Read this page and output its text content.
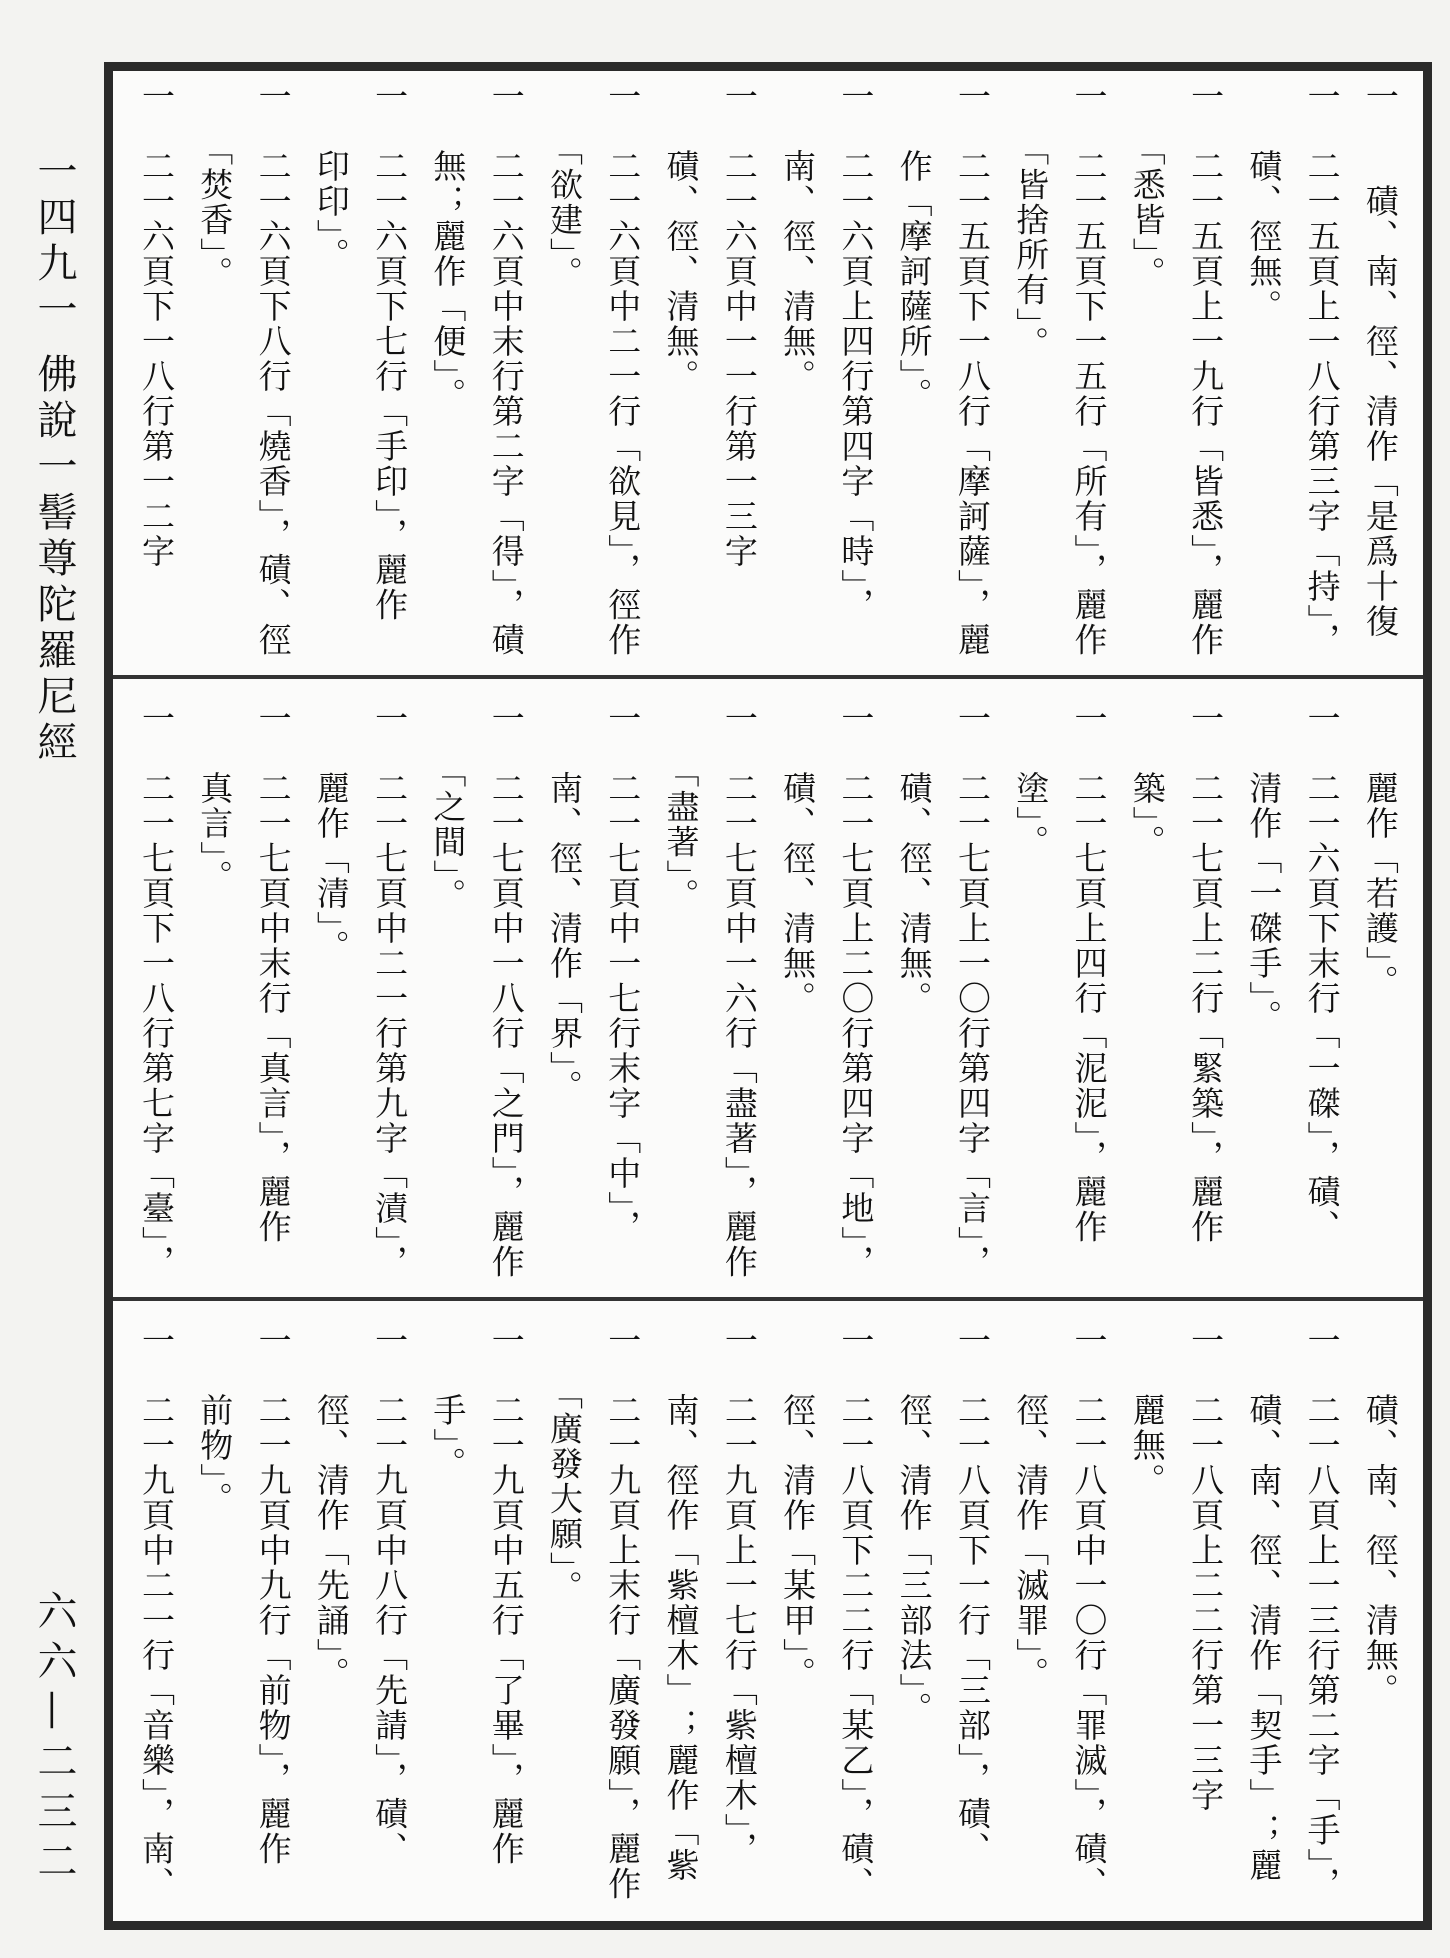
一四九一 佛說一髻尊陀羅尼經
六六—二三二
一　　磧、南、徑、清作「是爲十復
一　二一五頁上一八行第三字「持」，
　　磧、徑無。
一　二一五頁上一九行「皆悉」，麗作
　　「悉皆」。
一　二一五頁下一五行「所有」，麗作
　　「皆捨所有」。
一　二一五頁下一八行「摩訶薩」，麗
　　作「摩訶薩所」。
一　二一六頁上四行第四字「時」，
　　南、徑、清無。
一　二一六頁中一一行第一三字
　　磧、徑、清無。
一　二一六頁中二一行「欲見」，徑作
　　「欲建」。
一　二一六頁中末行第二字「得」，磧
　　無；麗作「便」。
一　二一六頁下七行「手印」，麗作
　　印印」。
一　二一六頁下八行「燒香」，磧、徑
　　「焚香」。
一　二一六頁下一八行第一二字
　　麗作「若護」。
一　二一六頁下末行「一磔」，磧、
　　清作「一磔手」。
一　二一七頁上二行「緊築」，麗作
　　築」。
一　二一七頁上四行「泥泥」，麗作
　　塗」。
一　二一七頁上一〇行第四字「言」，
　　磧、徑、清無。
一　二一七頁上二〇行第四字「地」，
　　磧、徑、清無。
一　二一七頁中一六行「盡著」，麗作
　　「盡著」。
一　二一七頁中一七行末字「中」，
　　南、徑、清作「界」。
一　二一七頁中一八行「之門」，麗作
　　「之間」。
一　二一七頁中二一行第九字「漬」，
　　麗作「清」。
一　二一七頁中末行「真言」，麗作
　　真言」。
一　二一七頁下一八行第七字「臺」，
　　磧、南、徑、清無。
一　二一八頁上一三行第二字「手」，
　　磧、南、徑、清作「契手」；麗
一　二一八頁上二二行第一三字
　　麗無。
一　二一八頁中一〇行「罪滅」，磧、
　　徑、清作「滅罪」。
一　二一八頁下一行「三部」，磧、
　　徑、清作「三部法」。
一　二一八頁下二二行「某乙」，磧、
　　徑、清作「某甲」。
一　二一九頁上一七行「紫檀木」，
　　南、徑作「紫檀木」；麗作「紫
一　二一九頁上末行「廣發願」，麗作
　　「廣發大願」。
一　二一九頁中五行「了畢」，麗作
　　手」。
一　二一九頁中八行「先請」，磧、
　　徑、清作「先誦」。
一　二一九頁中九行「前物」，麗作
　　前物」。
一　二一九頁中二一行「音樂」，南、
